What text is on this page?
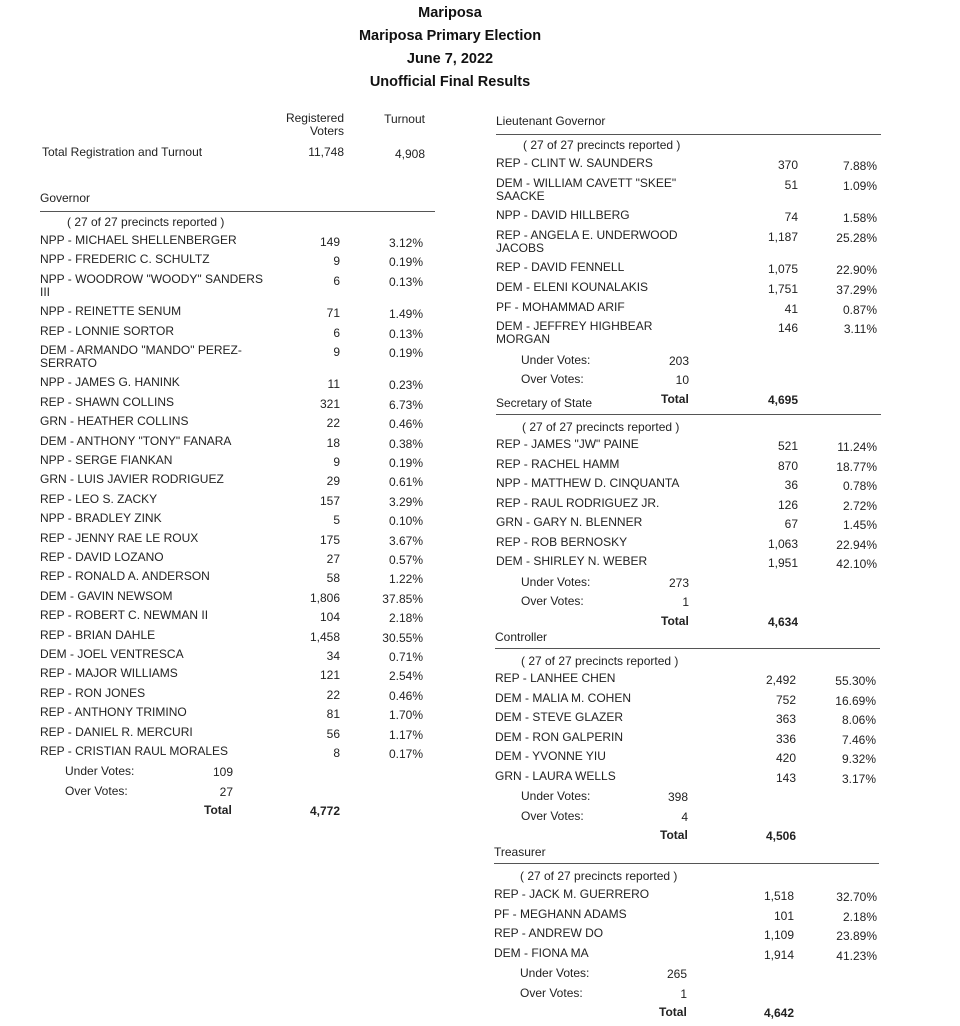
Mariposa
Mariposa Primary Election
June 7, 2022
Unofficial Final Results
Registered Voters
Turnout
Total Registration and Turnout	11,748	4,908
Governor
( 27 of 27 precincts reported )
NPP - MICHAEL SHELLENBERGER	149	3.12%
NPP - FREDERIC C. SCHULTZ	9	0.19%
NPP - WOODROW "WOODY" SANDERS III
6	0.13%
NPP - REINETTE SENUM	71	1.49%
REP - LONNIE SORTOR	6	0.13%
DEM - ARMANDO "MANDO" PEREZ-SERRATO
9	0.19%
NPP - JAMES G. HANINK	11	0.23%
REP - SHAWN COLLINS	321	6.73%
GRN - HEATHER COLLINS	22	0.46%
DEM - ANTHONY "TONY" FANARA	18	0.38%
NPP - SERGE FIANKAN	9	0.19%
GRN - LUIS JAVIER RODRIGUEZ	29	0.61%
REP - LEO S. ZACKY	157	3.29%
NPP - BRADLEY ZINK	5	0.10%
REP - JENNY RAE LE ROUX	175	3.67%
REP - DAVID LOZANO	27	0.57%
REP - RONALD A. ANDERSON	58	1.22%
DEM - GAVIN NEWSOM	1,806	37.85%
REP - ROBERT C. NEWMAN II	104	2.18%
REP - BRIAN DAHLE	1,458	30.55%
DEM - JOEL VENTRESCA	34	0.71%
REP - MAJOR WILLIAMS	121	2.54%
REP - RON JONES	22	0.46%
REP - ANTHONY TRIMINO	81	1.70%
REP - DANIEL R. MERCURI	56	1.17%
REP - CRISTIAN RAUL MORALES	8	0.17%
Under Votes:	109
Over Votes:	27
Total	4,772
Lieutenant Governor
( 27 of 27 precincts reported )
REP - CLINT W. SAUNDERS	370	7.88%
DEM - WILLIAM CAVETT "SKEE" SAACKE
51	1.09%
NPP - DAVID HILLBERG	74	1.58%
REP - ANGELA E. UNDERWOOD JACOBS
1,187	25.28%
REP - DAVID FENNELL	1,075	22.90%
DEM - ELENI KOUNALAKIS	1,751	37.29%
PF - MOHAMMAD ARIF	41	0.87%
DEM - JEFFREY HIGHBEAR MORGAN
146	3.11%
Under Votes:	203
Over Votes:	10
Total	4,695
Secretary of State
( 27 of 27 precincts reported )
REP - JAMES "JW" PAINE	521	11.24%
REP - RACHEL HAMM	870	18.77%
NPP - MATTHEW D. CINQUANTA	36	0.78%
REP - RAUL RODRIGUEZ JR.	126	2.72%
GRN - GARY N. BLENNER	67	1.45%
REP - ROB BERNOSKY	1,063	22.94%
DEM - SHIRLEY N. WEBER	1,951	42.10%
Under Votes:	273
Over Votes:	1
Total	4,634
Controller
( 27 of 27 precincts reported )
REP - LANHEE CHEN	2,492	55.30%
DEM - MALIA M. COHEN	752	16.69%
DEM - STEVE GLAZER	363	8.06%
DEM - RON GALPERIN	336	7.46%
DEM - YVONNE YIU	420	9.32%
GRN - LAURA WELLS	143	3.17%
Under Votes:	398
Over Votes:	4
Total	4,506
Treasurer
( 27 of 27 precincts reported )
REP - JACK M. GUERRERO	1,518	32.70%
PF - MEGHANN ADAMS	101	2.18%
REP - ANDREW DO	1,109	23.89%
DEM - FIONA MA	1,914	41.23%
Under Votes:	265
Over Votes:	1
Total	4,642
